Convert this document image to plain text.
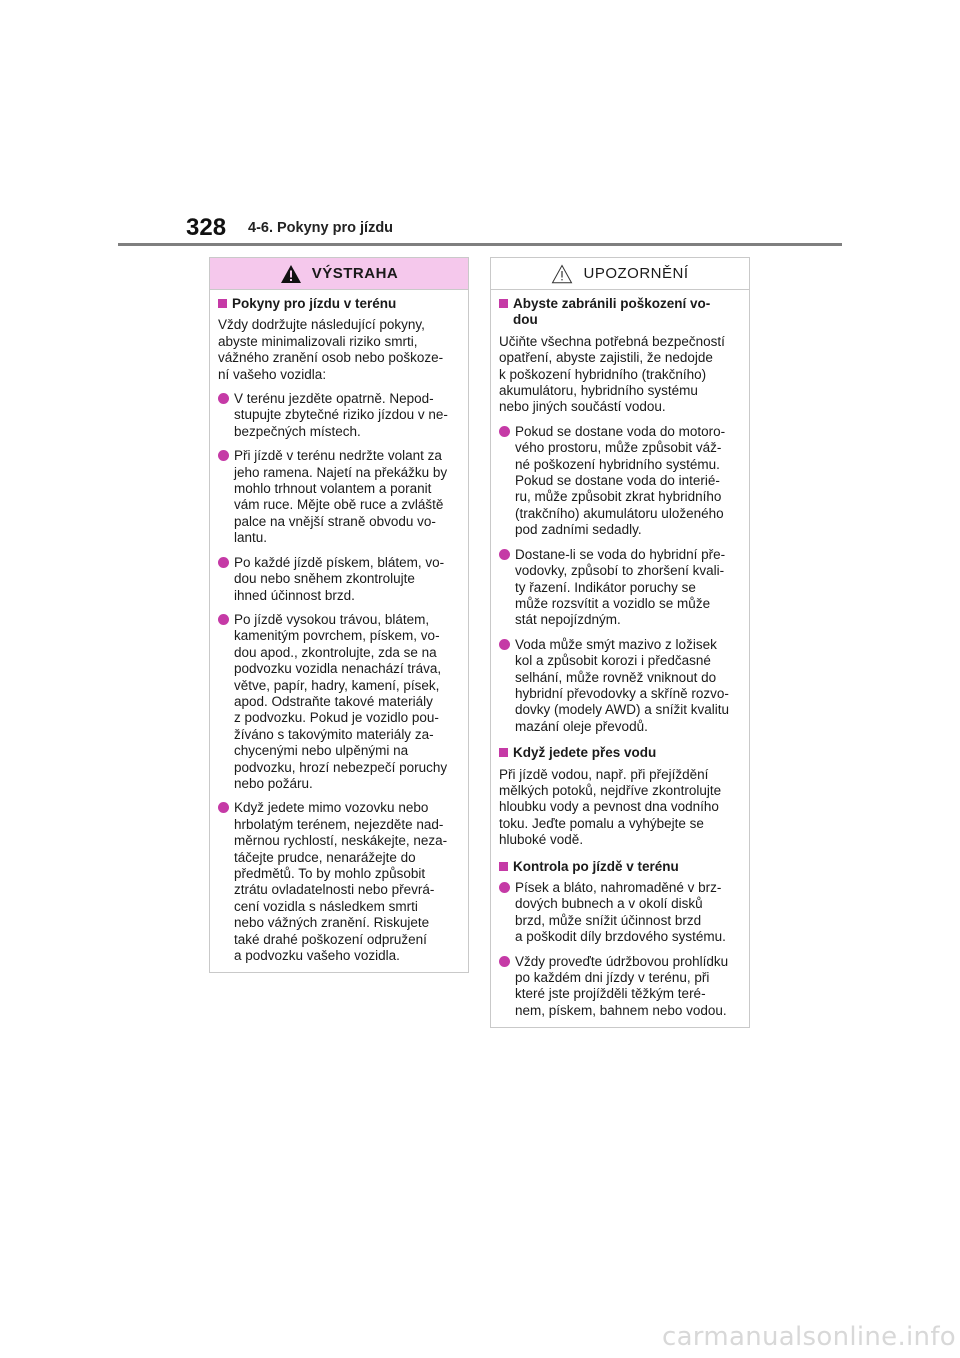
328 4-6. Pokyny pro jízdu
VÝSTRAHA
Pokyny pro jízdu v terénu
Vždy dodržujte následující pokyny,
abyste minimalizovali riziko smrti,
vážného zranění osob nebo poškoze-
ní vašeho vozidla:
V terénu jezděte opatrně. Nepod-
stupujte zbytečné riziko jízdou v ne-
bezpečných místech.
Při jízdě v terénu nedržte volant za
jeho ramena. Najetí na překážku by
mohlo trhnout volantem a poranit
vám ruce. Mějte obě ruce a zvláště
palce na vnější straně obvodu vo-
lantu.
Po každé jízdě pískem, blátem, vo-
dou nebo sněhem zkontrolujte
ihned účinnost brzd.
Po jízdě vysokou trávou, blátem,
kamenitým povrchem, pískem, vo-
dou apod., zkontrolujte, zda se na
podvozku vozidla nenachází tráva,
větve, papír, hadry, kamení, písek,
apod. Odstraňte takové materiály
z podvozku. Pokud je vozidlo pou-
žíváno s takovýmito materiály za-
chycenými nebo ulpěnými na
podvozku, hrozí nebezpečí poruchy
nebo požáru.
Když jedete mimo vozovku nebo
hrbolatým terénem, nejezděte nad-
měrnou rychlostí, neskákejte, neza-
táčejte prudce, nenarážejte do
předmětů. To by mohlo způsobit
ztrátu ovladatelnosti nebo převrá-
cení vozidla s následkem smrti
nebo vážných zranění. Riskujete
také drahé poškození odpružení
a podvozku vašeho vozidla.
UPOZORNĚNÍ
Abyste zabránili poškození vo-
dou
Učiňte všechna potřebná bezpečností
opatření, abyste zajistili, že nedojde
k poškození hybridního (trakčního)
akumulátoru, hybridního systému
nebo jiných součástí vodou.
Pokud se dostane voda do motoro-
vého prostoru, může způsobit váž-
né poškození hybridního systému.
Pokud se dostane voda do interié-
ru, může způsobit zkrat hybridního
(trakčního) akumulátoru uloženého
pod zadními sedadly.
Dostane-li se voda do hybridní pře-
vodovky, způsobí to zhoršení kvali-
ty řazení. Indikátor poruchy se
může rozsvítit a vozidlo se může
stát nepojízdným.
Voda může smýt mazivo z ložisek
kol a způsobit korozi i předčasné
selhání, může rovněž vniknout do
hybridní převodovky a skříně rozvo-
dovky (modely AWD) a snížit kvalitu
mazání oleje převodů.
Když jedete přes vodu
Při jízdě vodou, např. při přejíždění
mělkých potoků, nejdříve zkontrolujte
hloubku vody a pevnost dna vodního
toku. Jeďte pomalu a vyhýbejte se
hluboké vodě.
Kontrola po jízdě v terénu
Písek a bláto, nahromaděné v brz-
dových bubnech a v okolí disků
brzd, může snížit účinnost brzd
a poškodit díly brzdového systému.
Vždy proveďte údržbovou prohlídku
po každém dni jízdy v terénu, při
které jste projížděli těžkým teré-
nem, pískem, bahnem nebo vodou.
carmanualsonline.info
